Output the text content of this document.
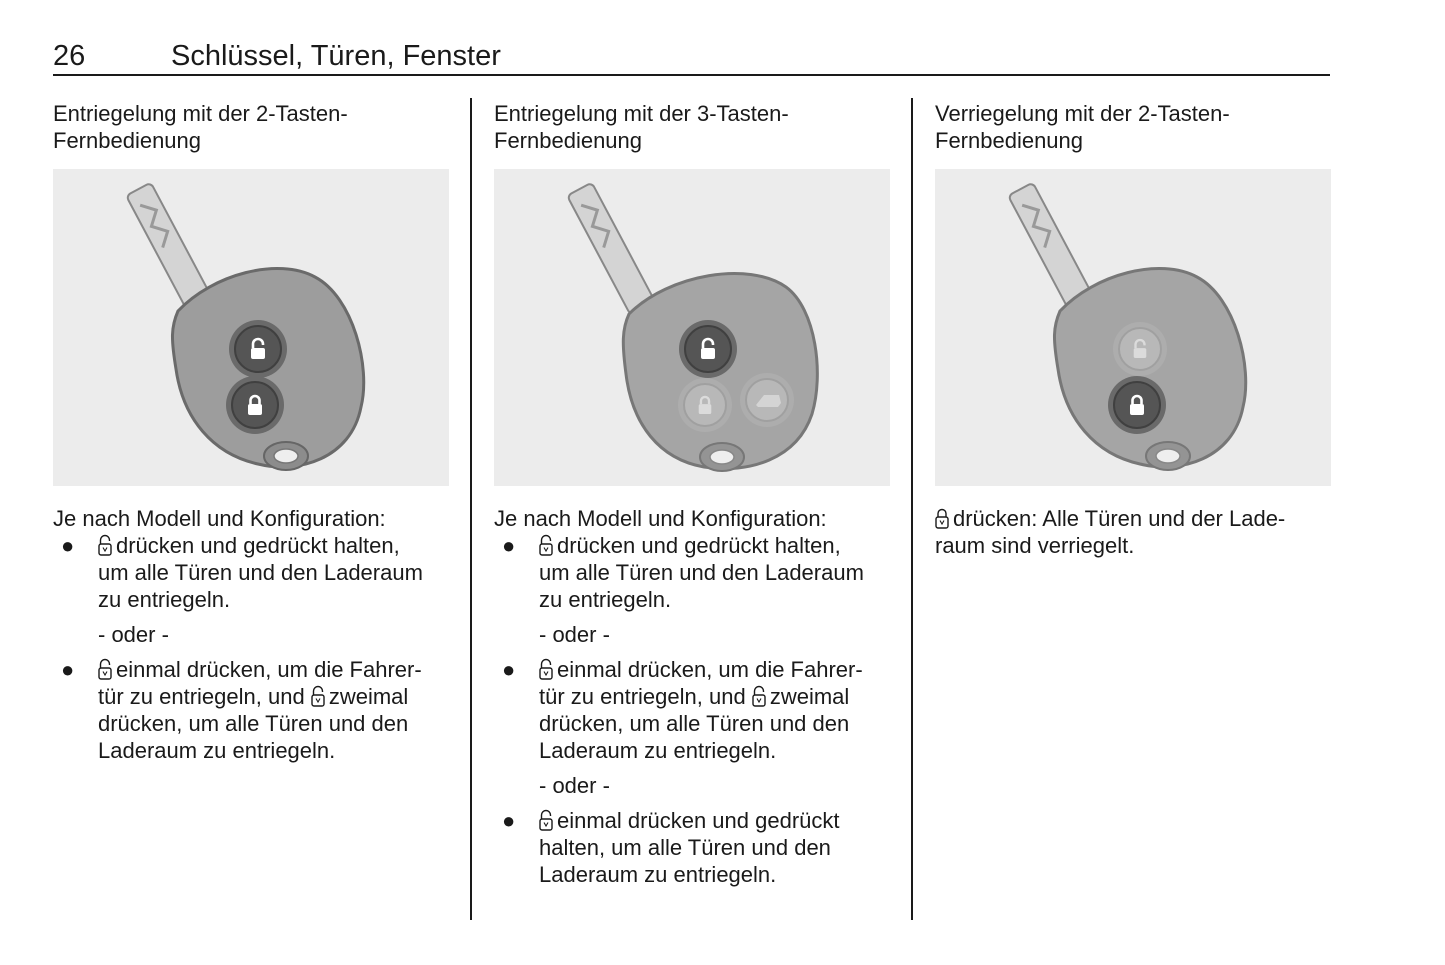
26	Schlüssel, Türen, Fenster
Entriegelung mit der 2-Tasten-
Fernbedienung

Je nach Modell und Konfiguration:

● drücken und gedrückt halten,
um alle Türen und den Laderaum
zu entriegeln.

- oder -

● einmal drücken, um die Fahrer-
tür zu entriegeln, und zweimal
drücken, um alle Türen und den
Laderaum zu entriegeln.
Entriegelung mit der 3-Tasten-
Fernbedienung

Je nach Modell und Konfiguration:

● drücken und gedrückt halten,
um alle Türen und den Laderaum
zu entriegeln.

- oder -

● einmal drücken, um die Fahrer-
tür zu entriegeln, und zweimal
drücken, um alle Türen und den
Laderaum zu entriegeln.

- oder -

● einmal drücken und gedrückt
halten, um alle Türen und den
Laderaum zu entriegeln.
Verriegelung mit der 2-Tasten-
Fernbedienung

drücken: Alle Türen und der Lade-
raum sind verriegelt.
